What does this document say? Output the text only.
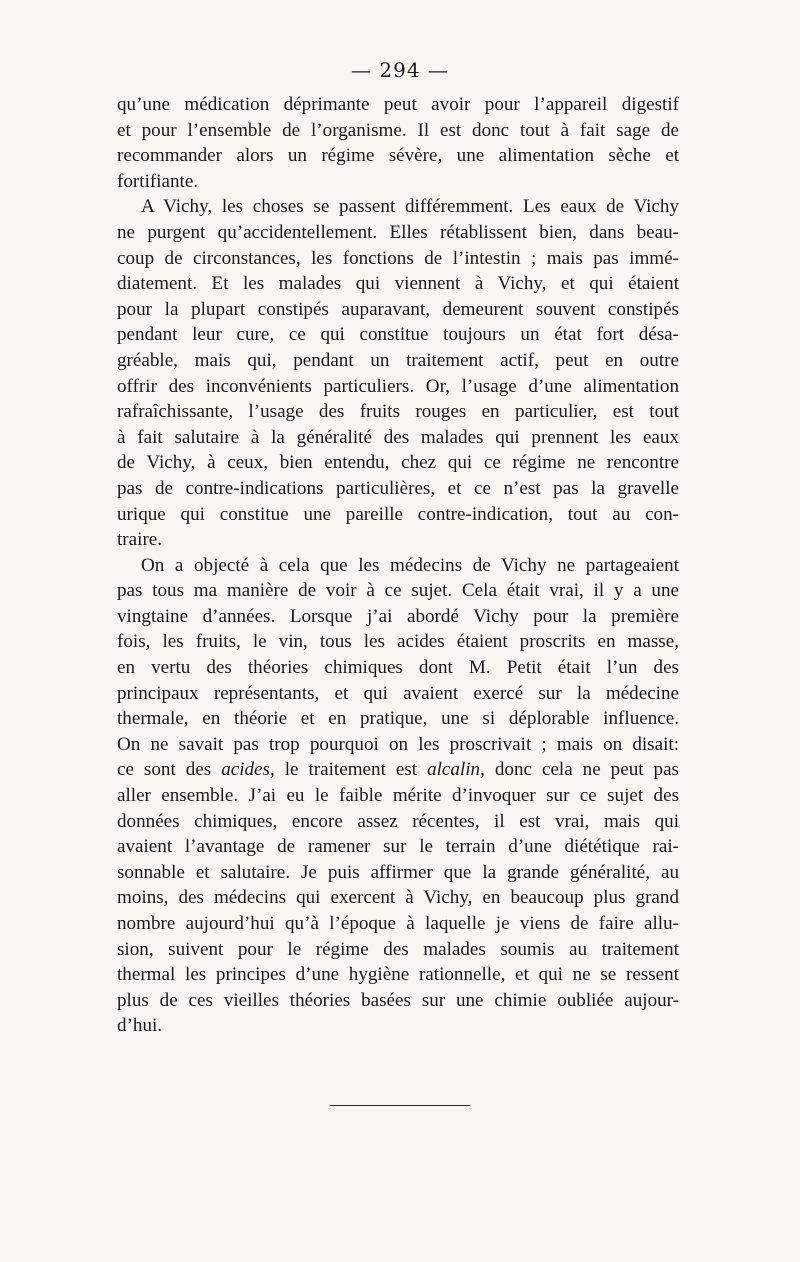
— 294 —
qu’une médication déprimante peut avoir pour l’appareil digestif
et pour l’ensemble de l’organisme. Il est donc tout à fait sage de
recommander alors un régime sévère, une alimentation sèche et
fortifiante.
A Vichy, les choses se passent différemment. Les eaux de Vichy
ne purgent qu’accidentellement. Elles rétablissent bien, dans beau-
coup de circonstances, les fonctions de l’intestin ; mais pas immé-
diatement. Et les malades qui viennent à Vichy, et qui étaient
pour la plupart constipés auparavant, demeurent souvent constipés
pendant leur cure, ce qui constitue toujours un état fort désa-
gréable, mais qui, pendant un traitement actif, peut en outre
offrir des inconvénients particuliers. Or, l’usage d’une alimentation
rafraîchissante, l’usage des fruits rouges en particulier, est tout
à fait salutaire à la généralité des malades qui prennent les eaux
de Vichy, à ceux, bien entendu, chez qui ce régime ne rencontre
pas de contre-indications particulières, et ce n’est pas la gravelle
urique qui constitue une pareille contre-indication, tout au con-
traire.
On a objecté à cela que les médecins de Vichy ne partageaient
pas tous ma manière de voir à ce sujet. Cela était vrai, il y a une
vingtaine d’années. Lorsque j’ai abordé Vichy pour la première
fois, les fruits, le vin, tous les acides étaient proscrits en masse,
en vertu des théories chimiques dont M. Petit était l’un des
principaux représentants, et qui avaient exercé sur la médecine
thermale, en théorie et en pratique, une si déplorable influence.
On ne savait pas trop pourquoi on les proscrivait ; mais on disait:
ce sont des acides, le traitement est alcalin, donc cela ne peut pas
aller ensemble. J’ai eu le faible mérite d’invoquer sur ce sujet des
données chimiques, encore assez récentes, il est vrai, mais qui
avaient l’avantage de ramener sur le terrain d’une diététique rai-
sonnable et salutaire. Je puis affirmer que la grande généralité, au
moins, des médecins qui exercent à Vichy, en beaucoup plus grand
nombre aujourd’hui qu’à l’époque à laquelle je viens de faire allu-
sion, suivent pour le régime des malades soumis au traitement
thermal les principes d’une hygiène rationnelle, et qui ne se ressent
plus de ces vieilles théories basées sur une chimie oubliée aujour-
d’hui.
